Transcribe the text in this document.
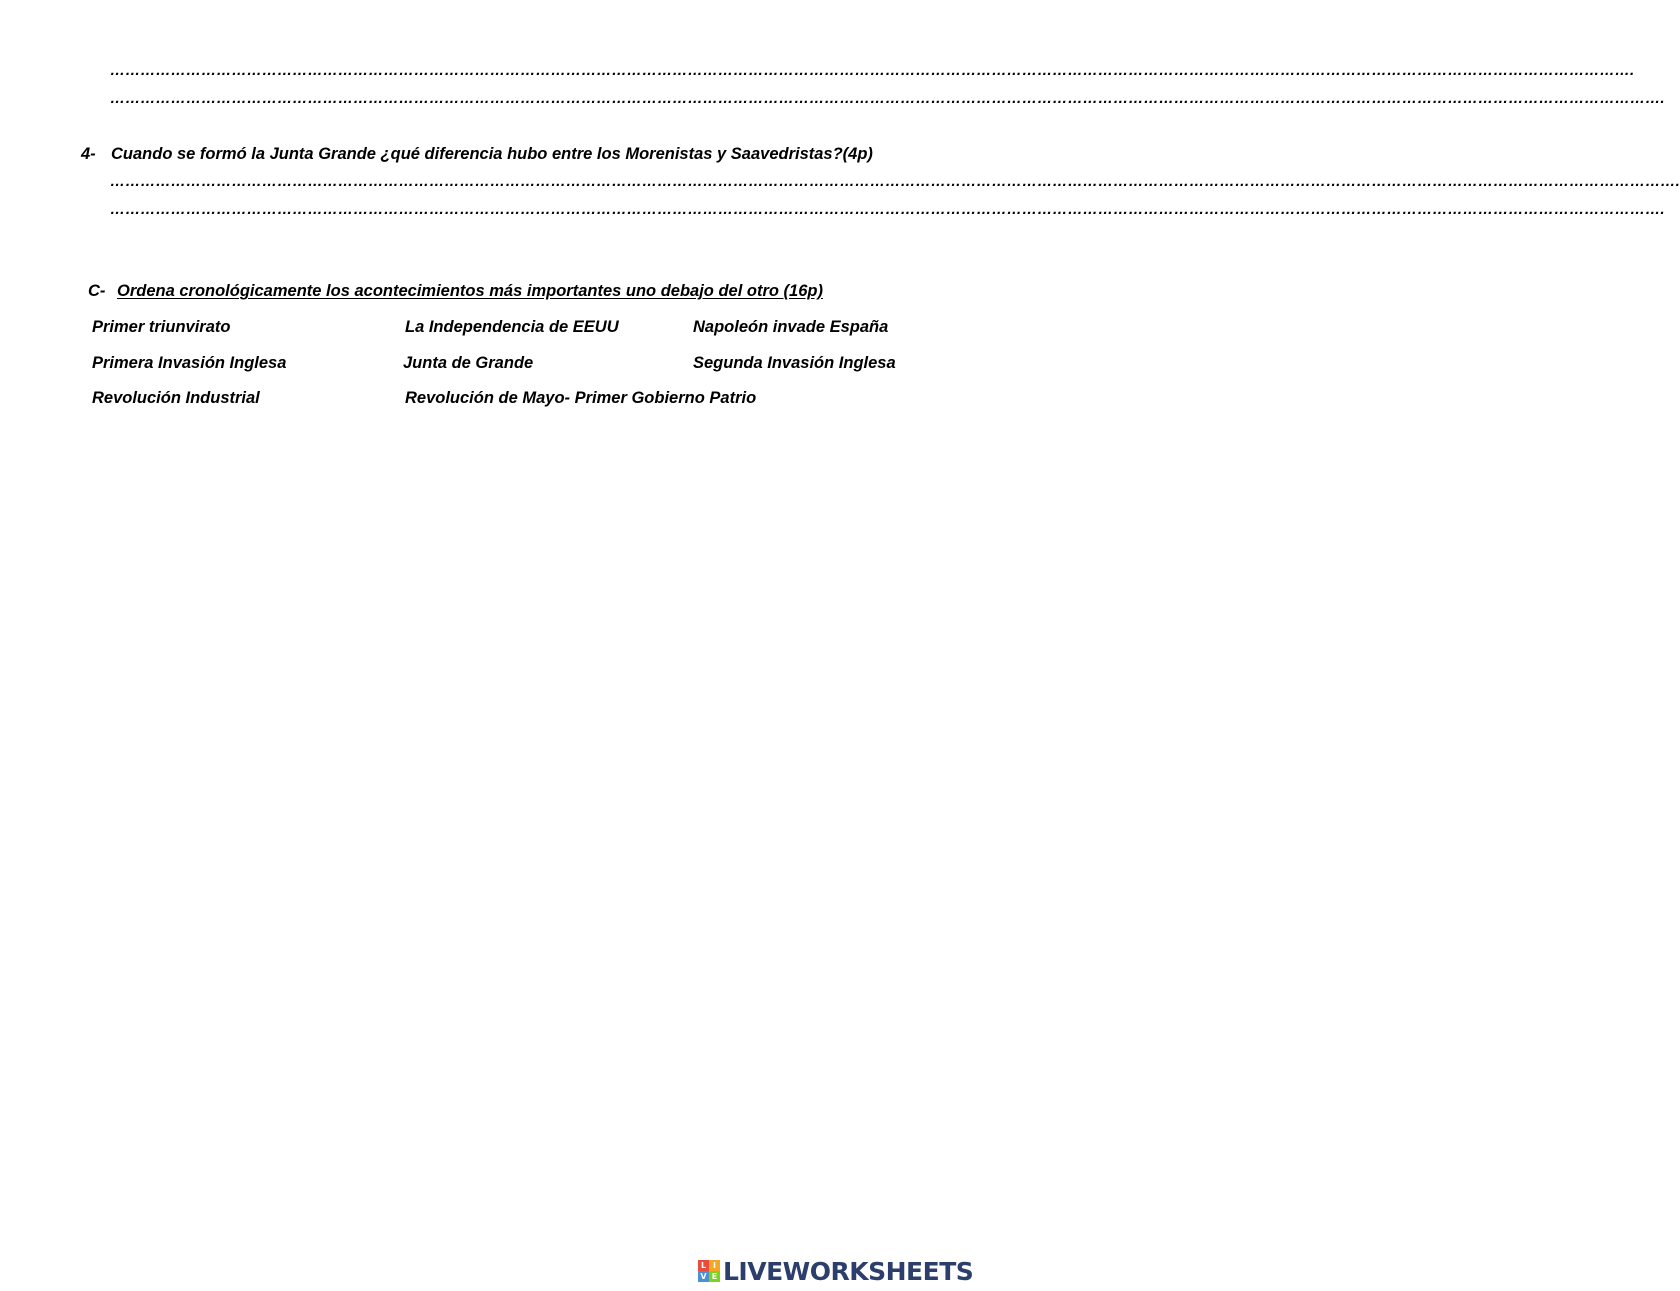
………………………………………………………………………………………………………………………………………………………………………………………………………………………………………………………………………….
……………………………………………………………………………………………………………………………………………………………………………………………………………………………………………………………………………….
4- Cuando se formó la Junta Grande ¿qué diferencia hubo entre los Morenistas y Saavedristas?(4p)
………………………………………………………………………………………………………………………………………………………………………………………………………………………………………………………………………………….
……………………………………………………………………………………………………………………………………………………………………………………………………………………………………………………………………………….
C- Ordena cronológicamente los acontecimientos más importantes uno debajo del otro (16p)
Primer triunvirato	La Independencia de EEUU	Napoleón invade España
Primera Invasión Inglesa	Junta de Grande	Segunda Invasión Inglesa
Revolución Industrial	Revolución de Mayo- Primer Gobierno Patrio
L I
V E LIVEWORKSHEETS
